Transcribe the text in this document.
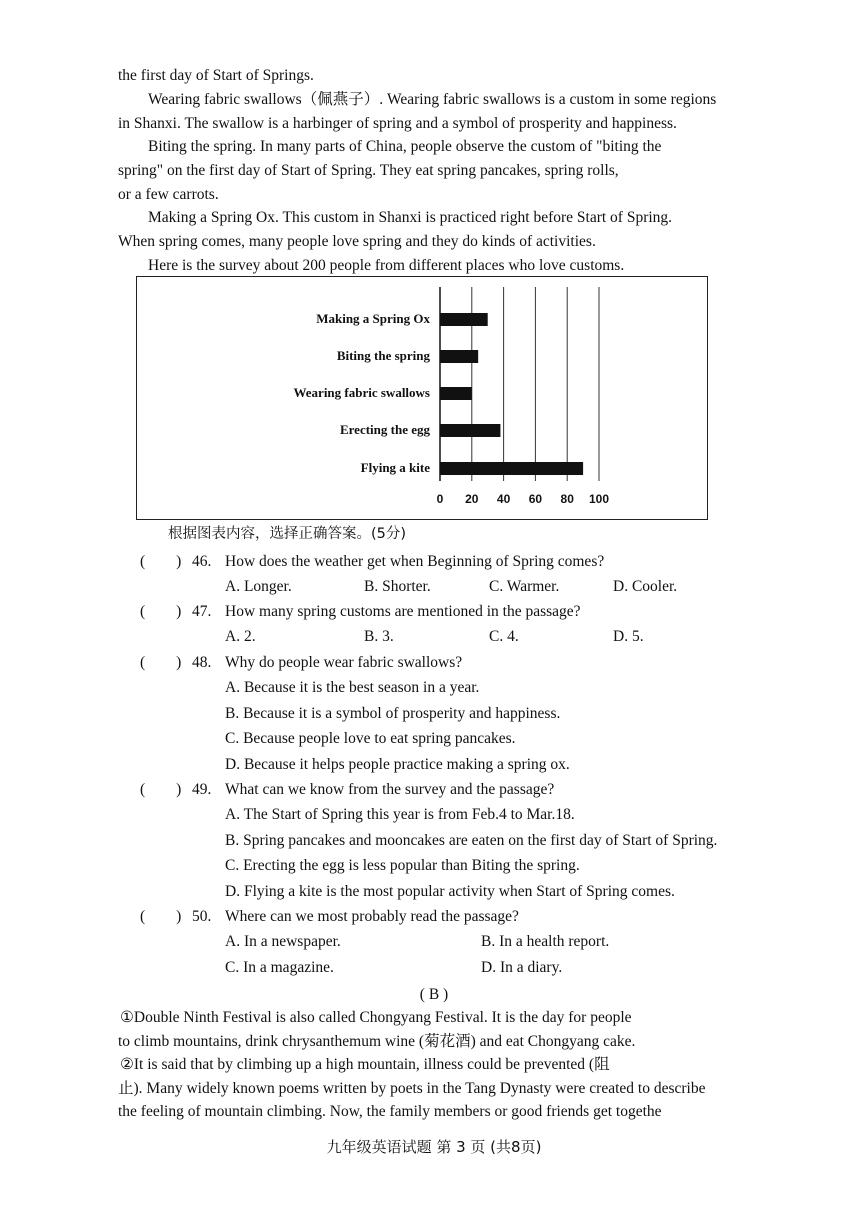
the first day of Start of Springs.
Wearing fabric swallows（佩燕子）. Wearing fabric swallows is a custom in some regions
in Shanxi. The swallow is a harbinger of spring and a symbol of prosperity and happiness.
Biting the spring. In many parts of China, people observe the custom of "biting the
spring" on the first day of Start of Spring. They eat spring pancakes, spring rolls,
or a few carrots.
Making a Spring Ox. This custom in Shanxi is practiced right before Start of Spring.
When spring comes, many people love spring and they do kinds of activities.
Here is the survey about 200 people from different places who love customs.
Making a Spring Ox
Biting the spring
Wearing fabric swallows
Erecting the egg
Flying a kite
0 20 40 60 80 100
根据图表内容，选择正确答案。(5分)
(        ) 46. How does the weather get when Beginning of Spring comes?
A. Longer.	B. Shorter.	C. Warmer.	D. Cooler.
(        ) 47. How many spring customs are mentioned in the passage?
A. 2.	B. 3.	C. 4.	D. 5.
(        ) 48. Why do people wear fabric swallows?
A. Because it is the best season in a year.
B. Because it is a symbol of prosperity and happiness.
C. Because people love to eat spring pancakes.
D. Because it helps people practice making a spring ox.
(        ) 49. What can we know from the survey and the passage?
A. The Start of Spring this year is from Feb.4 to Mar.18.
B. Spring pancakes and mooncakes are eaten on the first day of Start of Spring.
C. Erecting the egg is less popular than Biting the spring.
D. Flying a kite is the most popular activity when Start of Spring comes.
(        ) 50. Where can we most probably read the passage?
A. In a newspaper.	B. In a health report.
C. In a magazine.	D. In a diary.
( B )
①Double Ninth Festival is also called Chongyang Festival. It is the day for people
to climb mountains, drink chrysanthemum wine (菊花酒) and eat Chongyang cake.
②It is said that by climbing up a high mountain, illness could be prevented (阻
止). Many widely known poems written by poets in the Tang Dynasty were created to describe
the feeling of mountain climbing. Now, the family members or good friends get togethe
九年级英语试题 第 3 页 (共8页)
